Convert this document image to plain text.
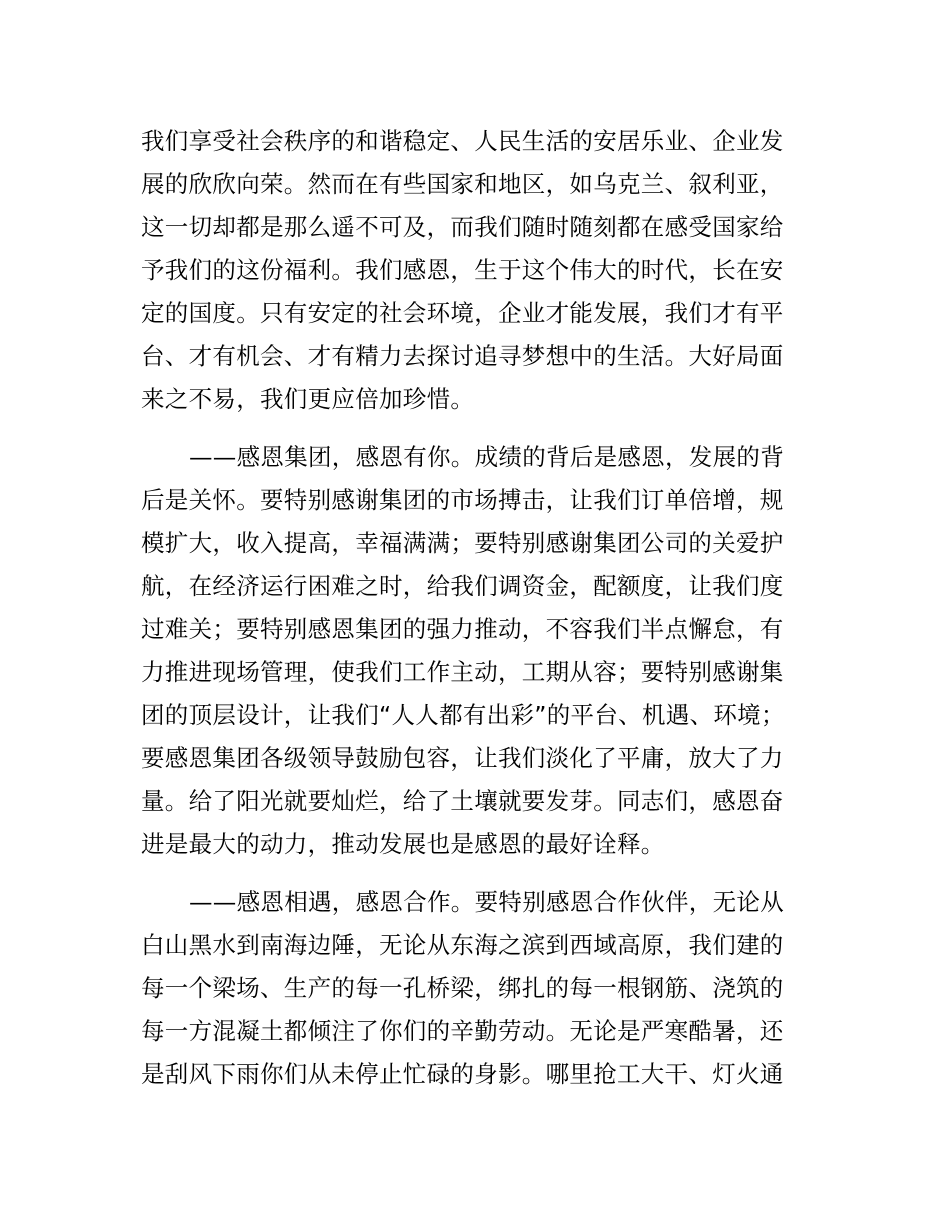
我们享受社会秩序的和谐稳定、人民生活的安居乐业、企业发
展的欣欣向荣。然而在有些国家和地区，如乌克兰、叙利亚，
这一切却都是那么遥不可及，而我们随时随刻都在感受国家给
予我们的这份福利。我们感恩，生于这个伟大的时代，长在安
定的国度。只有安定的社会环境，企业才能发展，我们才有平
台、才有机会、才有精力去探讨追寻梦想中的生活。大好局面
来之不易，我们更应倍加珍惜。
——感恩集团，感恩有你。成绩的背后是感恩，发展的背
后是关怀。要特别感谢集团的市场搏击，让我们订单倍增，规
模扩大，收入提高，幸福满满；要特别感谢集团公司的关爱护
航，在经济运行困难之时，给我们调资金，配额度，让我们度
过难关；要特别感恩集团的强力推动，不容我们半点懈怠，有
力推进现场管理，使我们工作主动，工期从容；要特别感谢集
团的顶层设计，让我们“人人都有出彩”的平台、机遇、环境；
要感恩集团各级领导鼓励包容，让我们淡化了平庸，放大了力
量。给了阳光就要灿烂，给了土壤就要发芽。同志们，感恩奋
进是最大的动力，推动发展也是感恩的最好诠释。
——感恩相遇，感恩合作。要特别感恩合作伙伴，无论从
白山黑水到南海边陲，无论从东海之滨到西域高原，我们建的
每一个梁场、生产的每一孔桥梁，绑扎的每一根钢筋、浇筑的
每一方混凝土都倾注了你们的辛勤劳动。无论是严寒酷暑，还
是刮风下雨你们从未停止忙碌的身影。哪里抢工大干、灯火通
